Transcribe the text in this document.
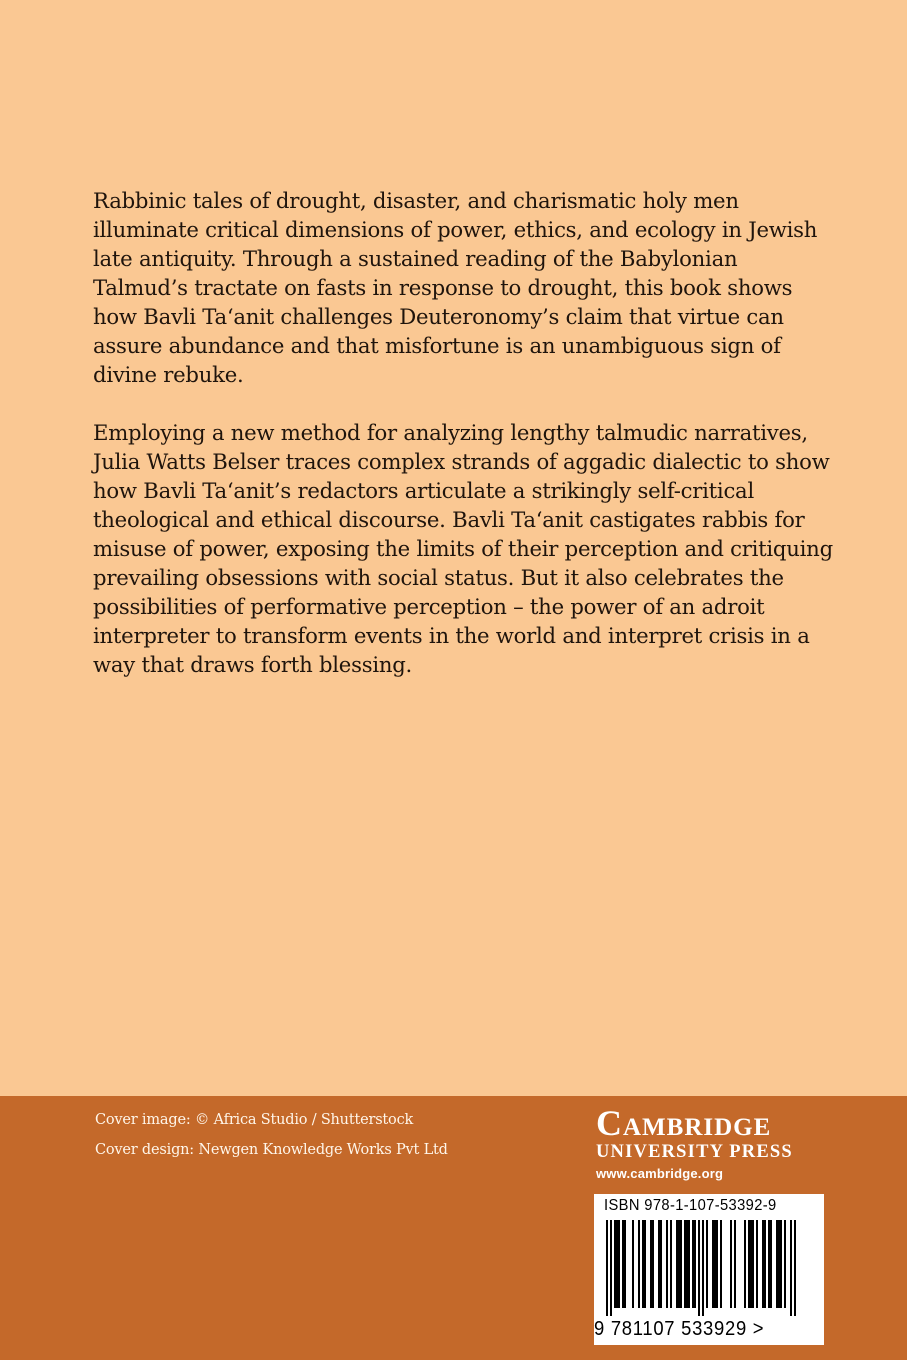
Rabbinic tales of drought, disaster, and charismatic holy men illuminate critical dimensions of power, ethics, and ecology in Jewish late antiquity. Through a sustained reading of the Babylonian Talmud’s tractate on fasts in response to drought, this book shows how Bavli Ta‘anit challenges Deuteronomy’s claim that virtue can assure abundance and that misfortune is an unambiguous sign of divine rebuke.

Employing a new method for analyzing lengthy talmudic narratives, Julia Watts Belser traces complex strands of aggadic dialectic to show how Bavli Ta‘anit’s redactors articulate a strikingly self-critical theological and ethical discourse. Bavli Ta‘anit castigates rabbis for misuse of power, exposing the limits of their perception and critiquing prevailing obsessions with social status. But it also celebrates the possibilities of performative perception – the power of an adroit interpreter to transform events in the world and interpret crisis in a way that draws forth blessing.

Cover image: © Africa Studio / Shutterstock
Cover design: Newgen Knowledge Works Pvt Ltd
Cambridge
UNIVERSITY PRESS
www.cambridge.org
ISBN 978-1-107-53392-9
9 781107 533929 >
